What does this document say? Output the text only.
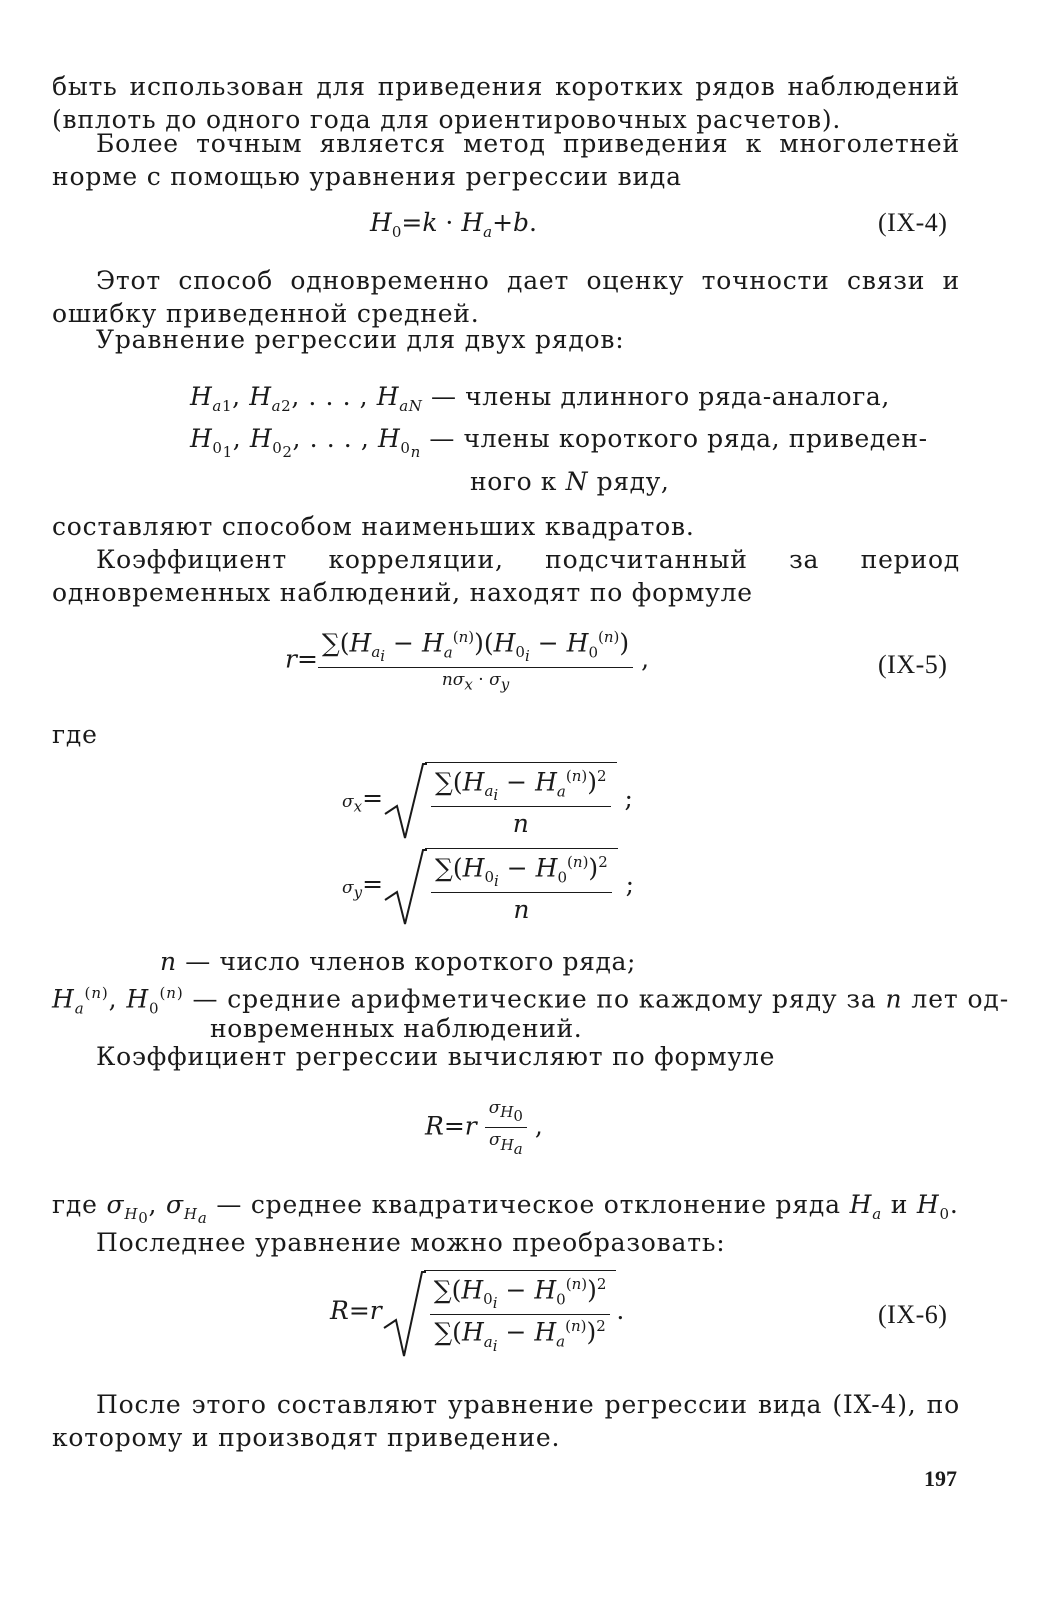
быть использован для приведения коротких рядов наблюдений (вплоть до одного года для ориентировочных расчетов).
Более точным является метод приведения к многолетней норме с помощью уравнения регрессии вида
$H_0=k \cdot H_a+b$.	(IX-4)
Этот способ одновременно дает оценку точности связи и ошибку приведенной средней.
Уравнение регрессии для двух рядов:
$H_{a1}$, $H_{a2}$, . . . , $H_{aN}$ — члены длинного ряда-аналога,
$H_{0_1}$, $H_{0_2}$, . . . , $H_{0_n}$ — члены короткого ряда, приведен-
ного к N ряду,
составляют способом наименьших квадратов.
Коэффициент корреляции, подсчитанный за период одновременных наблюдений, находят по формуле
$r= \frac{\sum(H_{a_i} - H_a^{(n)})(H_{0_i} - H_0^{(n)})}{n\sigma_x \cdot \sigma_y}$ ,	(IX-5)
где
$\sigma_x= \frac{\sum(H_{a_i} - H_a^{(n)})^2}{n}$ ;
$\sigma_y= \frac{\sum(H_{0_i} - H_0^{(n)})^2}{n}$ ;
n — число членов короткого ряда;
$H_a^{(n)}$, $H_0^{(n)}$ — средние арифметические по каждому ряду за n лет од-
новременных наблюдений.
Коэффициент регрессии вычисляют по формуле
$R=r \frac{\sigma_{H_0}}{\sigma_{H_a}}$ ,
где $\sigma_{H_0}$, $\sigma_{H_a}$ — среднее квадратическое отклонение ряда $H_a$ и $H_0$.
Последнее уравнение можно преобразовать:
$R=r \frac{\sum(H_{0_i} - H_0^{(n)})^2}{\sum(H_{a_i} - H_a^{(n)})^2}$ .	(IX-6)
После этого составляют уравнение регрессии вида (IX-4), по которому и производят приведение.
197
